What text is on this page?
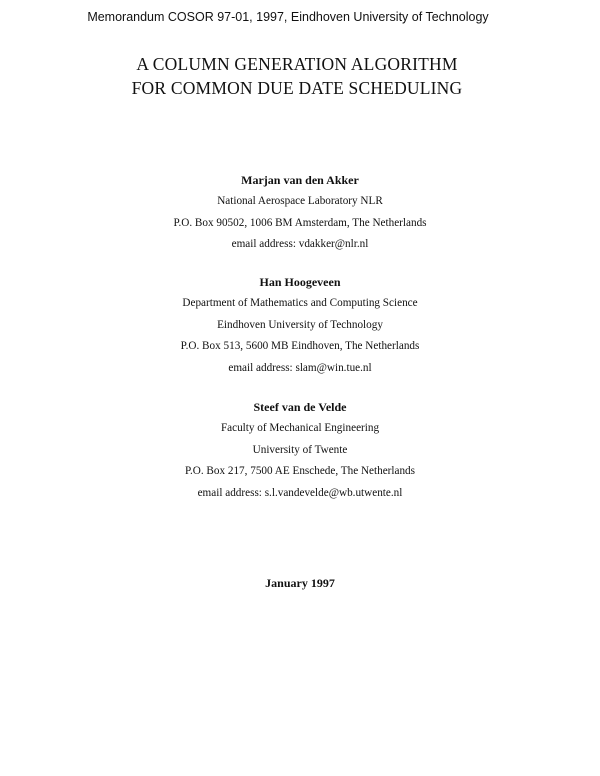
Memorandum COSOR 97-01, 1997, Eindhoven University of Technology
A COLUMN GENERATION ALGORITHM
FOR COMMON DUE DATE SCHEDULING
Marjan van den Akker
National Aerospace Laboratory NLR
P.O. Box 90502, 1006 BM Amsterdam, The Netherlands
email address: vdakker@nlr.nl
Han Hoogeveen
Department of Mathematics and Computing Science
Eindhoven University of Technology
P.O. Box 513, 5600 MB Eindhoven, The Netherlands
email address: slam@win.tue.nl
Steef van de Velde
Faculty of Mechanical Engineering
University of Twente
P.O. Box 217, 7500 AE Enschede, The Netherlands
email address: s.l.vandevelde@wb.utwente.nl
January 1997
